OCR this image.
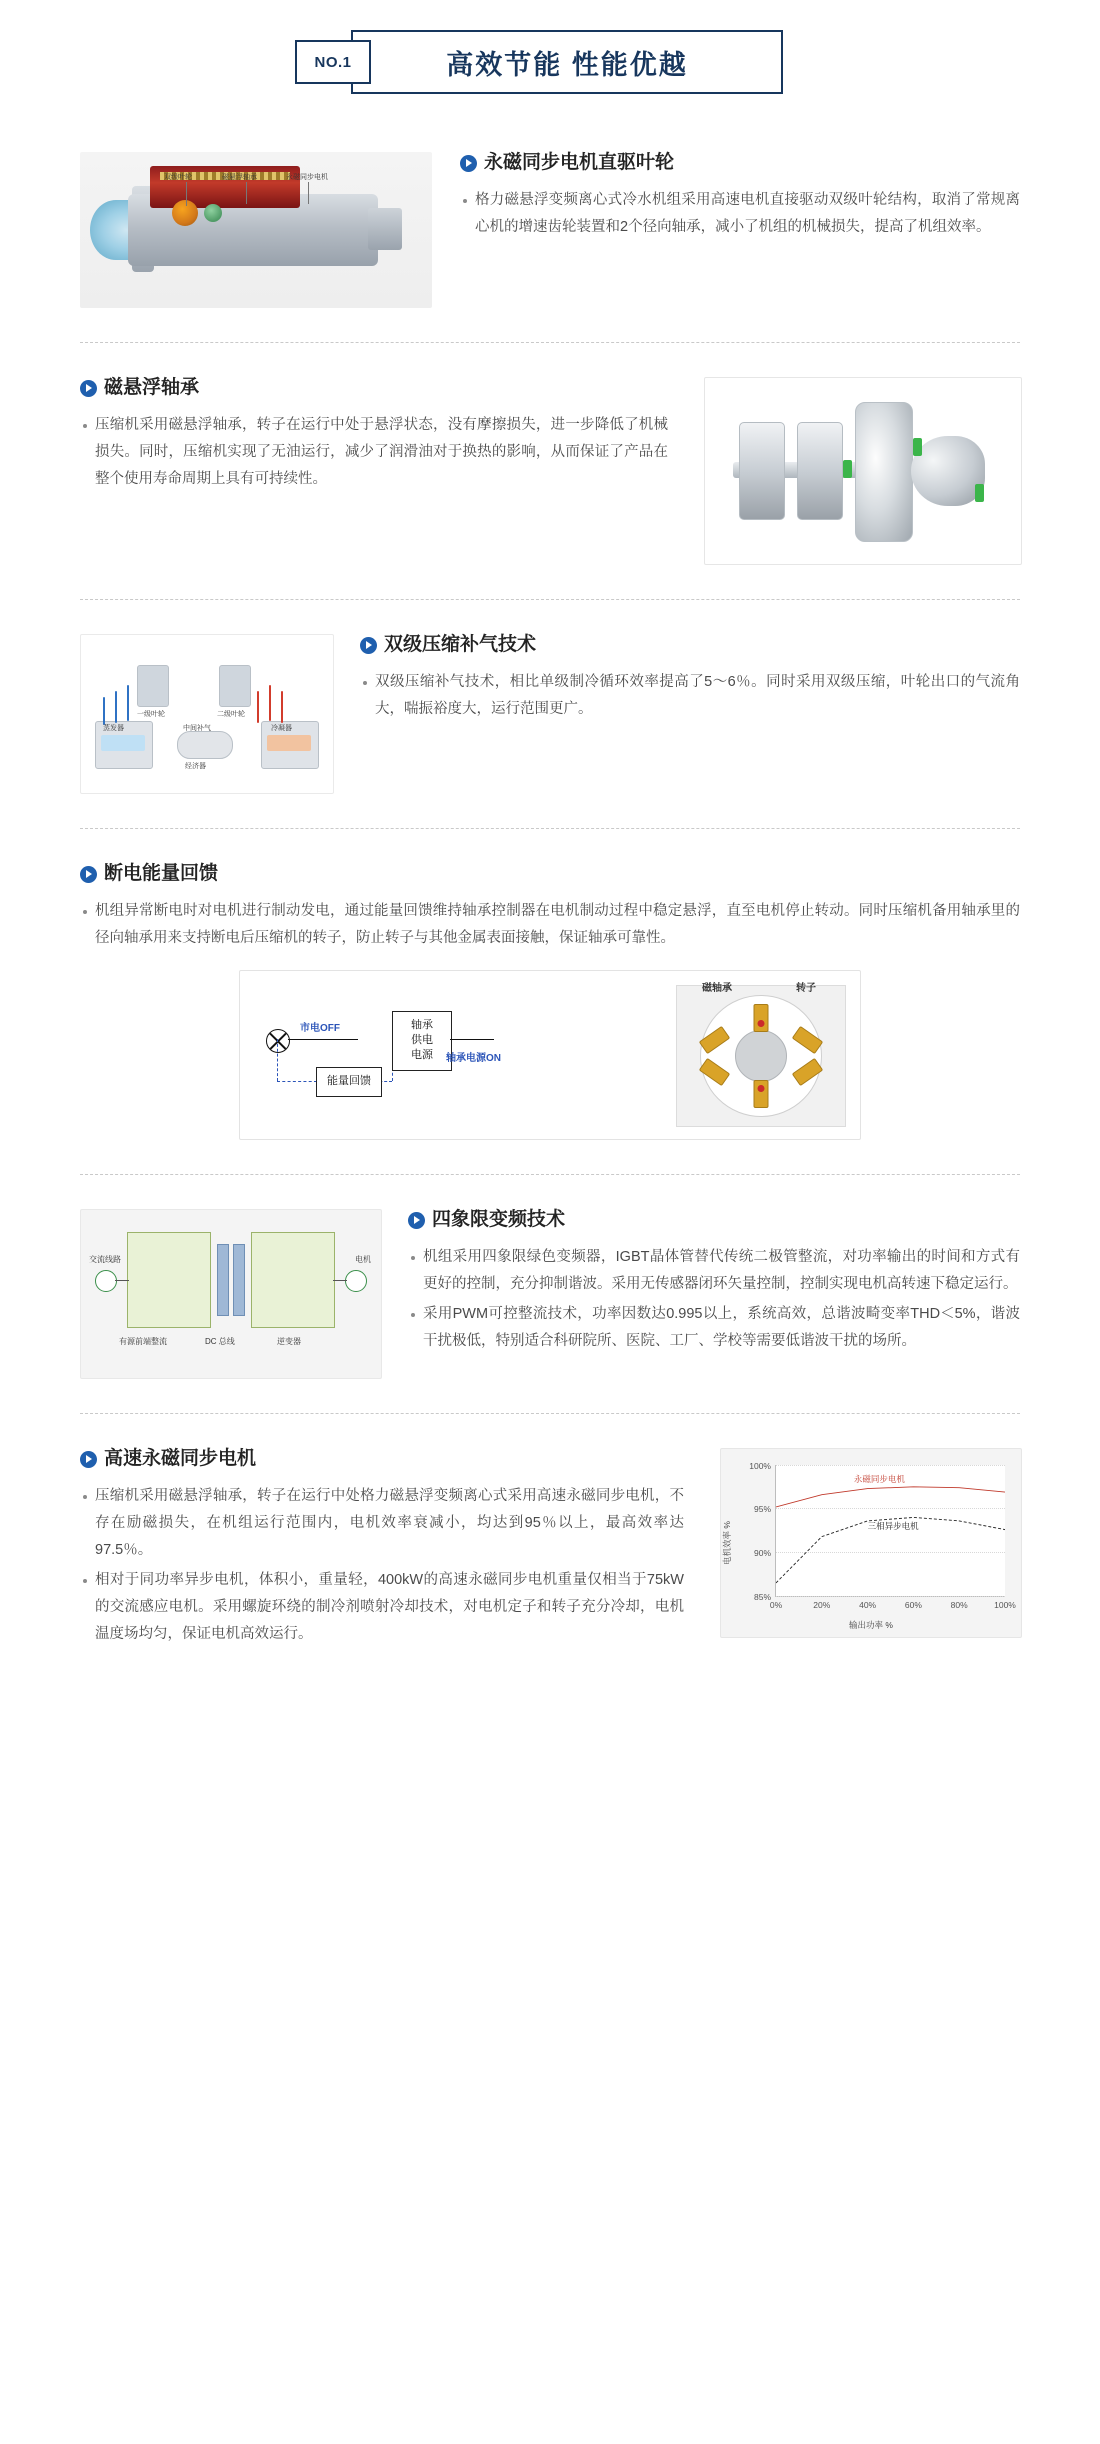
高效节能 性能优越
NO.1
双级叶轮	磁悬浮轴承	永磁同步电机
永磁同步电机直驱叶轮
格力磁悬浮变频离心式冷水机组采用高速电机直接驱动双级叶轮结构，取消了常规离心机的增速齿轮装置和2个径向轴承，减小了机组的机械损失，提高了机组效率。
磁悬浮轴承
压缩机采用磁悬浮轴承，转子在运行中处于悬浮状态，没有摩擦损失，进一步降低了机械损失。同时，压缩机实现了无油运行，减少了润滑油对于换热的影响，从而保证了产品在整个使用寿命周期上具有可持续性。
一级叶轮	二级叶轮
蒸发器	冷凝器
中间补气
经济器
双级压缩补气技术
双级压缩补气技术，相比单级制冷循环效率提高了5～6％。同时采用双级压缩，叶轮出口的气流角大，喘振裕度大，运行范围更广。
断电能量回馈
机组异常断电时对电机进行制动发电，通过能量回馈维持轴承控制器在电机制动过程中稳定悬浮，直至电机停止转动。同时压缩机备用轴承里的径向轴承用来支持断电后压缩机的转子，防止转子与其他金属表面接触，保证轴承可靠性。
市电OFF
能量回馈
轴承供电电源	轴承电源ON
磁轴承	转子
交流线路	电机
有源前端整流	DC 总线	逆变器
四象限变频技术
机组采用四象限绿色变频器，IGBT晶体管替代传统二极管整流，对功率输出的时间和方式有更好的控制，充分抑制谐波。采用无传感器闭环矢量控制，控制实现电机高转速下稳定运行。
采用PWM可控整流技术，功率因数达0.995以上，系统高效，总谐波畸变率THD＜5%，谐波干扰极低，特别适合科研院所、医院、工厂、学校等需要低谐波干扰的场所。
高速永磁同步电机
压缩机采用磁悬浮轴承，转子在运行中处格力磁悬浮变频离心式采用高速永磁同步电机，不存在励磁损失，在机组运行范围内，电机效率衰减小，均达到95％以上，最高效率达97.5％。
相对于同功率异步电机，体积小，重量轻，400kW的高速永磁同步电机重量仅相当于75kW的交流感应电机。采用螺旋环绕的制冷剂喷射冷却技术，对电机定子和转子充分冷却，电机温度场均匀，保证电机高效运行。
电机效率 %
输出功率 %
100%
95%
90%
85%
0%	20%	40%	60%	80%	100%
永磁同步电机
三相异步电机
